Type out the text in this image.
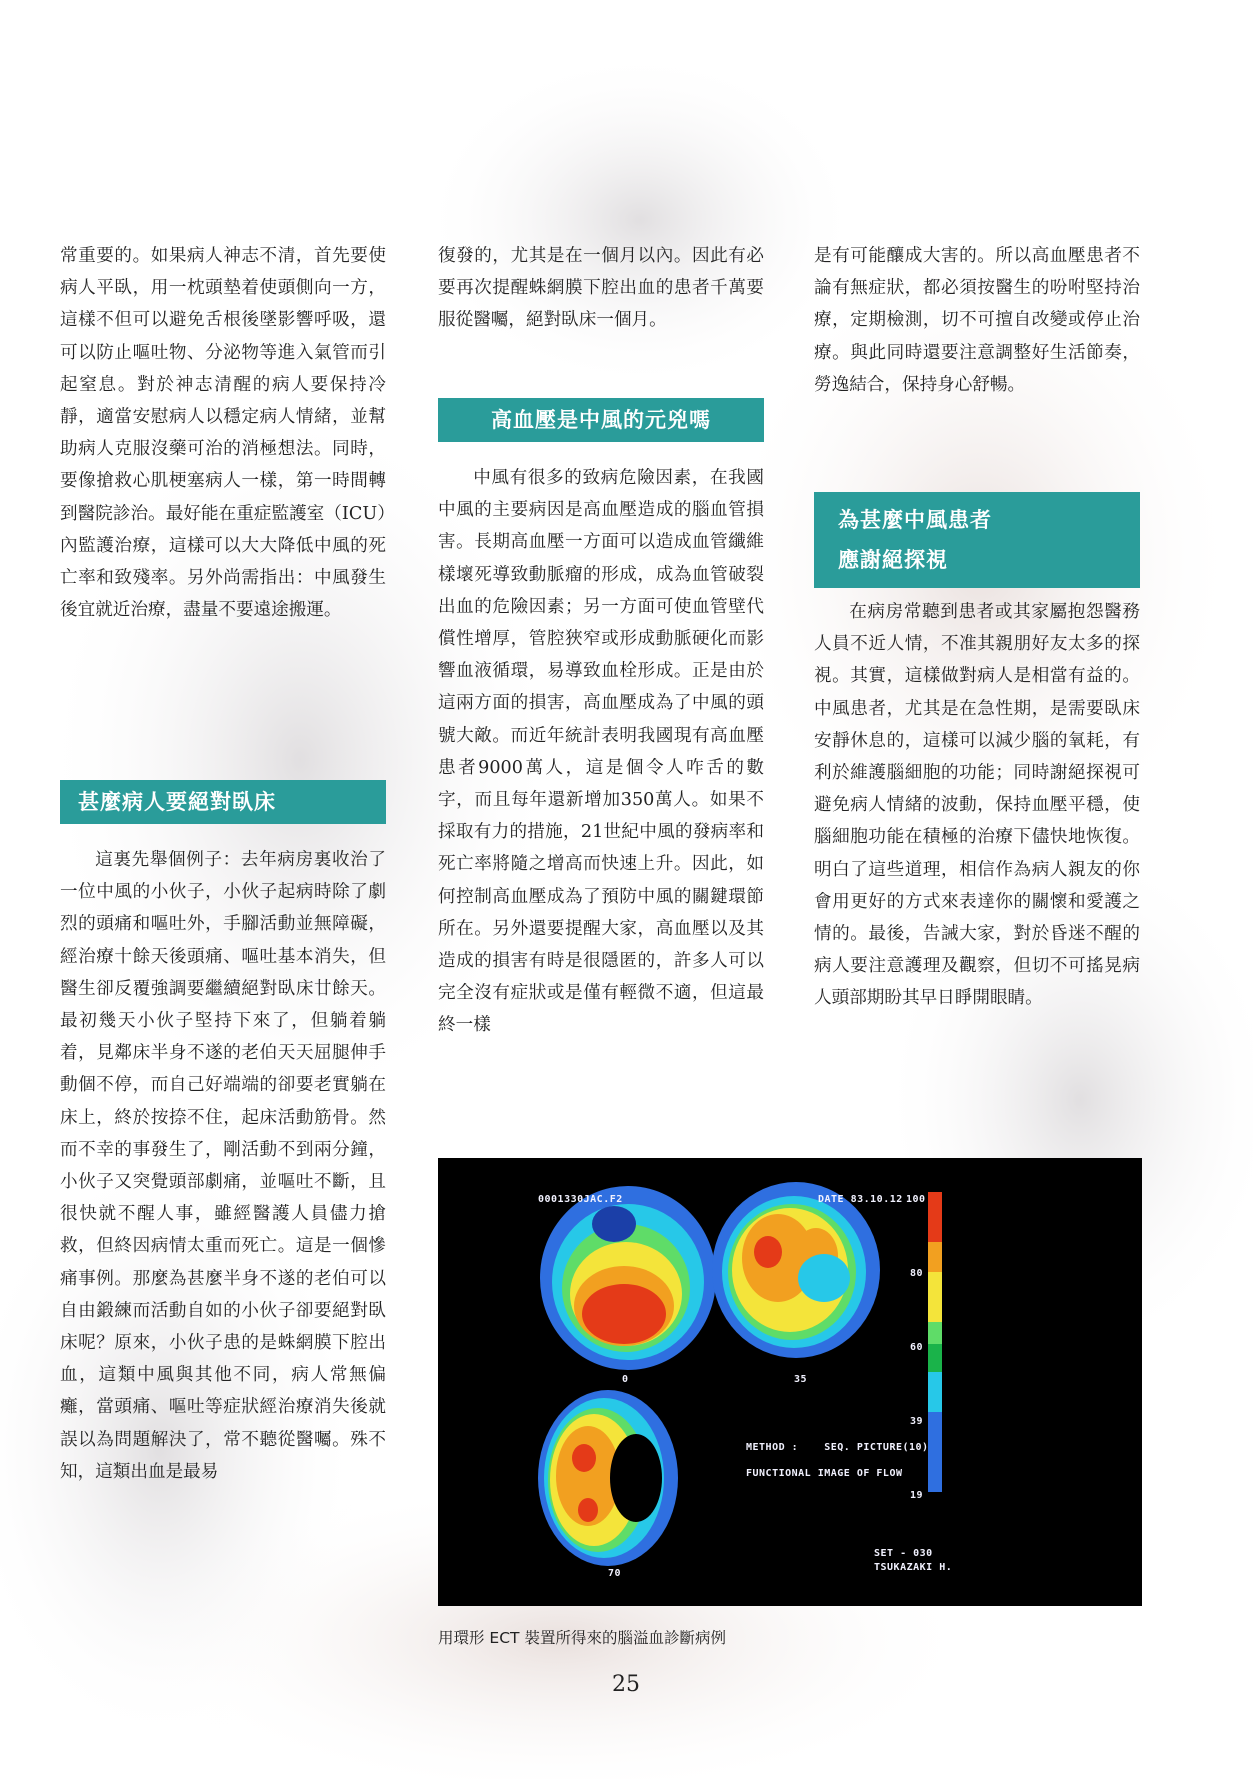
常重要的。如果病人神志不清，首先要使病人平臥，用一枕頭墊着使頭側向一方，這樣不但可以避免舌根後墜影響呼吸，還可以防止嘔吐物、分泌物等進入氣管而引起窒息。對於神志清醒的病人要保持冷靜，適當安慰病人以穩定病人情緒，並幫助病人克服沒藥可治的消極想法。同時，要像搶救心肌梗塞病人一樣，第一時間轉到醫院診治。最好能在重症監護室（ICU）內監護治療，這樣可以大大降低中風的死亡率和致殘率。另外尚需指出：中風發生後宜就近治療，盡量不要遠途搬運。

甚麼病人要絕對臥床

這裏先舉個例子：去年病房裏收治了一位中風的小伙子，小伙子起病時除了劇烈的頭痛和嘔吐外，手腳活動並無障礙，經治療十餘天後頭痛、嘔吐基本消失，但醫生卻反覆強調要繼續絕對臥床廿餘天。最初幾天小伙子堅持下來了，但躺着躺着，見鄰床半身不遂的老伯天天屈腿伸手動個不停，而自己好端端的卻要老實躺在床上，終於按捺不住，起床活動筋骨。然而不幸的事發生了，剛活動不到兩分鐘，小伙子又突覺頭部劇痛，並嘔吐不斷，且很快就不醒人事，雖經醫護人員儘力搶救，但終因病情太重而死亡。這是一個慘痛事例。那麼為甚麼半身不遂的老伯可以自由鍛練而活動自如的小伙子卻要絕對臥床呢？原來，小伙子患的是蛛網膜下腔出血，這類中風與其他不同，病人常無偏癱，當頭痛、嘔吐等症狀經治療消失後就誤以為問題解決了，常不聽從醫囑。殊不知，這類出血是最易

復發的，尤其是在一個月以內。因此有必要再次提醒蛛網膜下腔出血的患者千萬要服從醫囑，絕對臥床一個月。

高血壓是中風的元兇嗎

中風有很多的致病危險因素，在我國中風的主要病因是高血壓造成的腦血管損害。長期高血壓一方面可以造成血管纖維樣壞死導致動脈瘤的形成，成為血管破裂出血的危險因素；另一方面可使血管壁代償性增厚，管腔狹窄或形成動脈硬化而影響血液循環，易導致血栓形成。正是由於這兩方面的損害，高血壓成為了中風的頭號大敵。而近年統計表明我國現有高血壓患者9000萬人，這是個令人咋舌的數字，而且每年還新增加350萬人。如果不採取有力的措施，21世紀中風的發病率和死亡率將隨之增高而快速上升。因此，如何控制高血壓成為了預防中風的關鍵環節所在。另外還要提醒大家，高血壓以及其造成的損害有時是很隱匿的，許多人可以完全沒有症狀或是僅有輕微不適，但這最終一樣

是有可能釀成大害的。所以高血壓患者不論有無症狀，都必須按醫生的吩咐堅持治療，定期檢測，切不可擅自改變或停止治療。與此同時還要注意調整好生活節奏，勞逸結合，保持身心舒暢。

為甚麼中風患者
應謝絕探視

在病房常聽到患者或其家屬抱怨醫務人員不近人情，不准其親朋好友太多的探視。其實，這樣做對病人是相當有益的。中風患者，尤其是在急性期，是需要臥床安靜休息的，這樣可以減少腦的氧耗，有利於維護腦細胞的功能；同時謝絕探視可避免病人情緒的波動，保持血壓平穩，使腦細胞功能在積極的治療下儘快地恢復。明白了這些道理，相信作為病人親友的你會用更好的方式來表達你的關懷和愛護之情的。最後，告誡大家，對於昏迷不醒的病人要注意護理及觀察，但切不可搖晃病人頭部期盼其早日睜開眼睛。

0001330JAC.F2	DATE 83.10.12
0	35
70
100
80
60
39
19
METHOD :    SEQ. PICTURE(10)
FUNCTIONAL IMAGE OF FLOW
SET - 030
TSUKAZAKI H.
用環形 ECT 裝置所得來的腦溢血診斷病例
25
